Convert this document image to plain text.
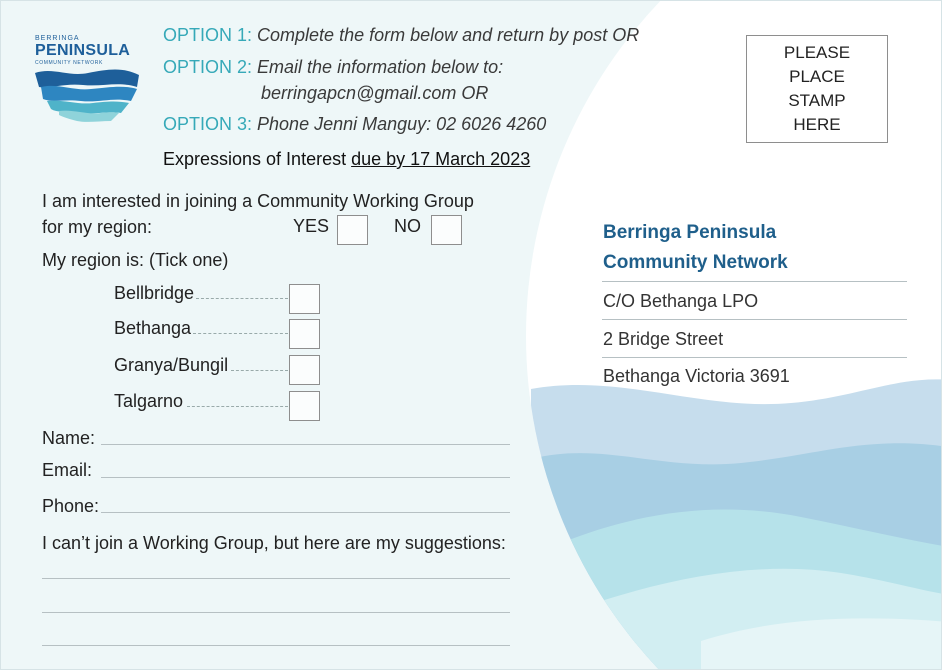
BERRINGA
PENINSULA
COMMUNITY NETWORK
OPTION 1: Complete the form below and return by post OR
OPTION 2: Email the information below to:
berringapcn@gmail.com OR
OPTION 3: Phone Jenni Manguy: 02 6026 4260
Expressions of Interest due by 17 March 2023
I am interested in joining a Community Working Group
for my region:	YES	NO
My region is: (Tick one)
Bellbridge
Bethanga
Granya/Bungil
Talgarno
Name:
Email:
Phone:
I can’t join a Working Group, but here are my suggestions:
PLEASE
PLACE
STAMP
HERE
Berringa Peninsula
Community Network
C/O Bethanga LPO
2 Bridge Street
Bethanga Victoria 3691
